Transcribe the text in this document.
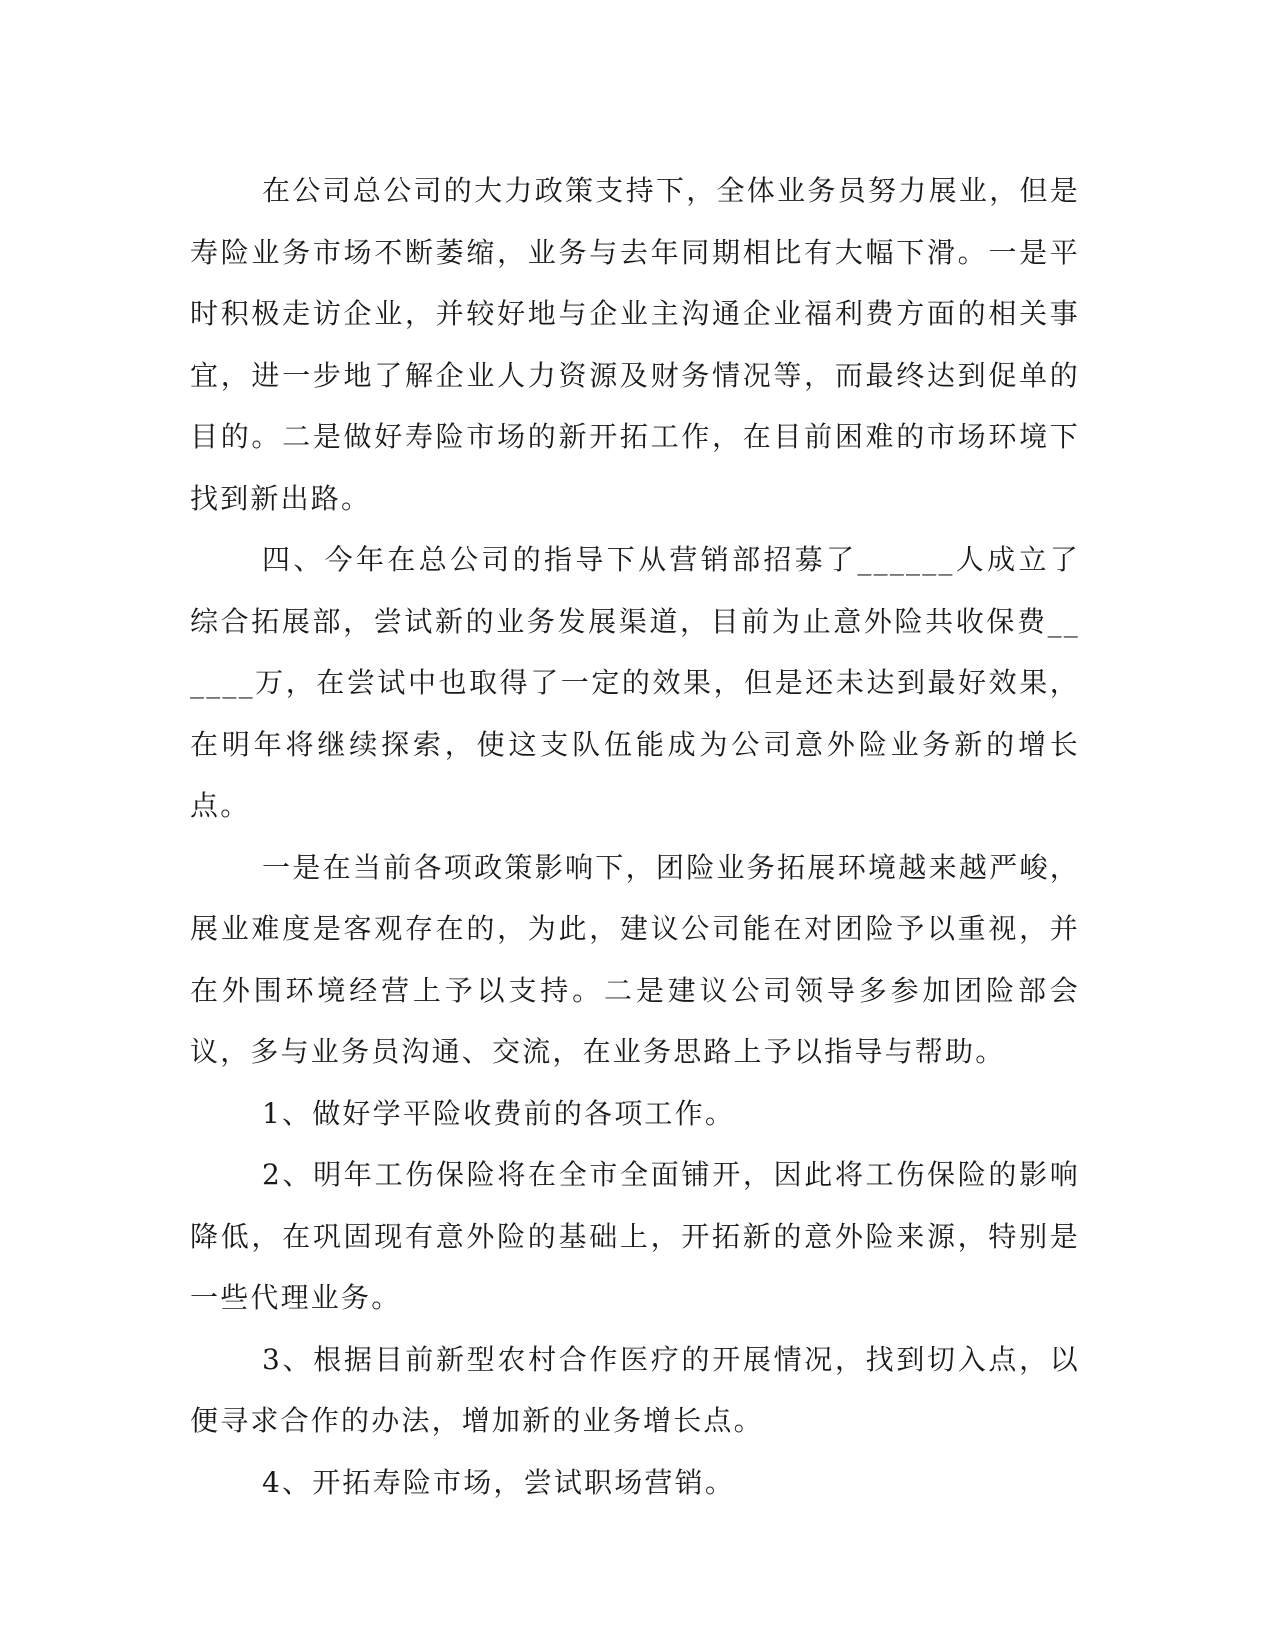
在公司总公司的大力政策支持下，全体业务员努力展业，但是寿险业务市场不断萎缩，业务与去年同期相比有大幅下滑。一是平时积极走访企业，并较好地与企业主沟通企业福利费方面的相关事宜，进一步地了解企业人力资源及财务情况等，而最终达到促单的目的。二是做好寿险市场的新开拓工作，在目前困难的市场环境下找到新出路。

四、今年在总公司的指导下从营销部招募了______人成立了综合拓展部，尝试新的业务发展渠道，目前为止意外险共收保费______万，在尝试中也取得了一定的效果，但是还未达到最好效果，在明年将继续探索，使这支队伍能成为公司意外险业务新的增长点。

一是在当前各项政策影响下，团险业务拓展环境越来越严峻，展业难度是客观存在的，为此，建议公司能在对团险予以重视，并在外围环境经营上予以支持。二是建议公司领导多参加团险部会议，多与业务员沟通、交流，在业务思路上予以指导与帮助。

1、做好学平险收费前的各项工作。

2、明年工伤保险将在全市全面铺开，因此将工伤保险的影响降低，在巩固现有意外险的基础上，开拓新的意外险来源，特别是一些代理业务。

3、根据目前新型农村合作医疗的开展情况，找到切入点，以便寻求合作的办法，增加新的业务增长点。

4、开拓寿险市场，尝试职场营销。
